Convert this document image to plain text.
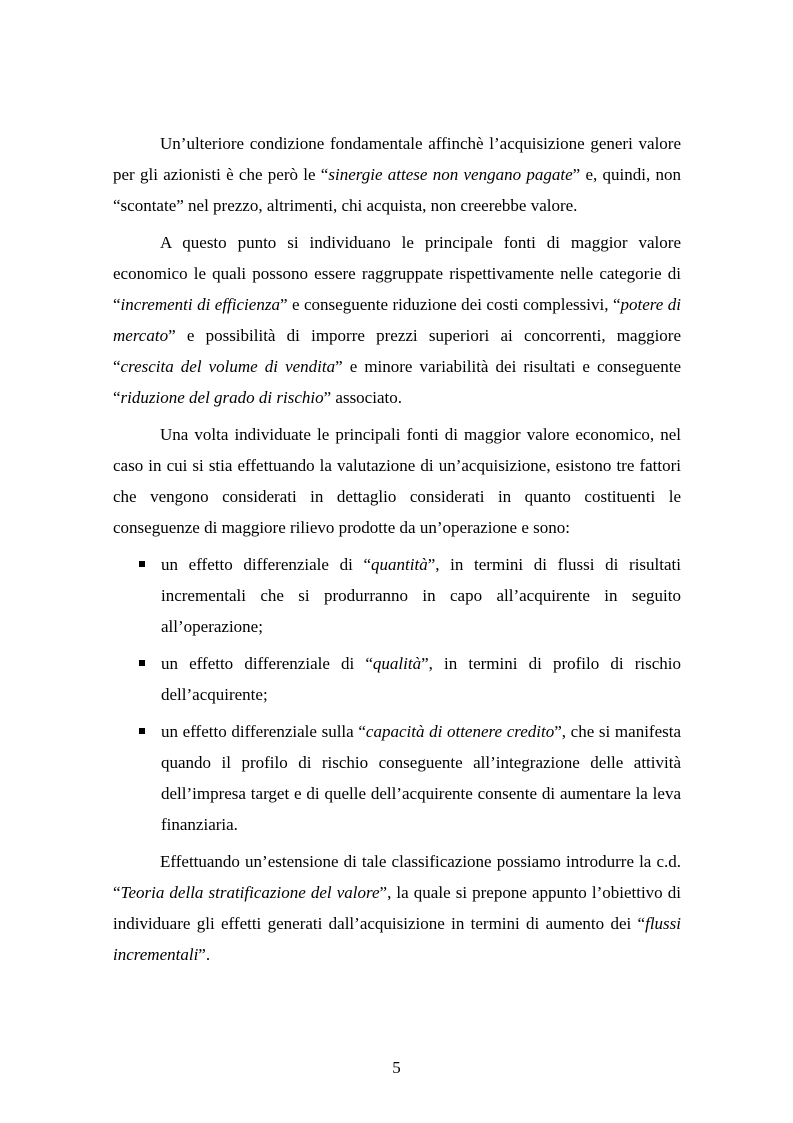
Un’ulteriore condizione fondamentale affinchè l’acquisizione generi valore per gli azionisti è che però le “sinergie attese non vengano pagate” e, quindi, non “scontate” nel prezzo, altrimenti, chi acquista, non creerebbe valore.

A questo punto si individuano le principale fonti di maggior valore economico le quali possono essere raggruppate rispettivamente nelle categorie di “incrementi di efficienza” e conseguente riduzione dei costi complessivi, “potere di mercato” e possibilità di imporre prezzi superiori ai concorrenti, maggiore “crescita del volume di vendita” e minore variabilità dei risultati e conseguente “riduzione del grado di rischio” associato.

Una volta individuate le principali fonti di maggior valore economico, nel caso in cui si stia effettuando la valutazione di un’acquisizione, esistono tre fattori che vengono considerati in dettaglio considerati in quanto costituenti le conseguenze di maggiore rilievo prodotte da un’operazione e sono:

un effetto differenziale di “quantità”, in termini di flussi di risultati incrementali che si produrranno in capo all’acquirente in seguito all’operazione;
un effetto differenziale di “qualità”, in termini di profilo di rischio dell’acquirente;
un effetto differenziale sulla “capacità di ottenere credito”, che si manifesta quando il profilo di rischio conseguente all’integrazione delle attività dell’impresa target e di quelle dell’acquirente consente di aumentare la leva finanziaria.

Effettuando un’estensione di tale classificazione possiamo introdurre la c.d. “Teoria della stratificazione del valore”, la quale si prepone appunto l’obiettivo di individuare gli effetti generati dall’acquisizione in termini di aumento dei “flussi incrementali”.

5
